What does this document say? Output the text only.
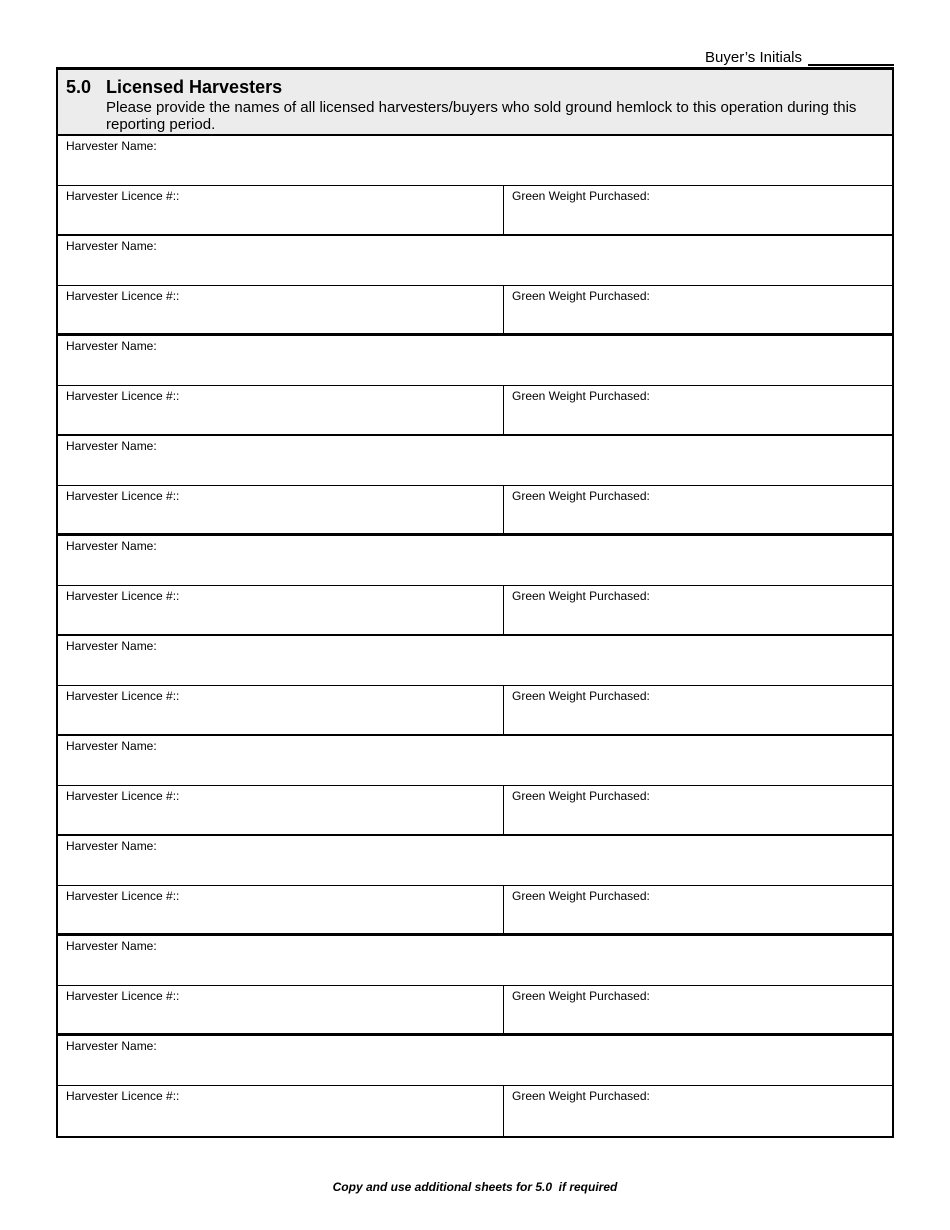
Buyer’s Initials
5.0 Licensed Harvesters
Please provide the names of all licensed harvesters/buyers who sold ground hemlock to this operation during this reporting period.
Harvester Name:
Harvester Licence #::	Green Weight Purchased:
Harvester Name:
Harvester Licence #::	Green Weight Purchased:
Harvester Name:
Harvester Licence #::	Green Weight Purchased:
Harvester Name:
Harvester Licence #::	Green Weight Purchased:
Harvester Name:
Harvester Licence #::	Green Weight Purchased:
Harvester Name:
Harvester Licence #::	Green Weight Purchased:
Harvester Name:
Harvester Licence #::	Green Weight Purchased:
Harvester Name:
Harvester Licence #::	Green Weight Purchased:
Harvester Name:
Harvester Licence #::	Green Weight Purchased:
Harvester Name:
Harvester Licence #::	Green Weight Purchased:
Copy and use additional sheets for 5.0  if required
